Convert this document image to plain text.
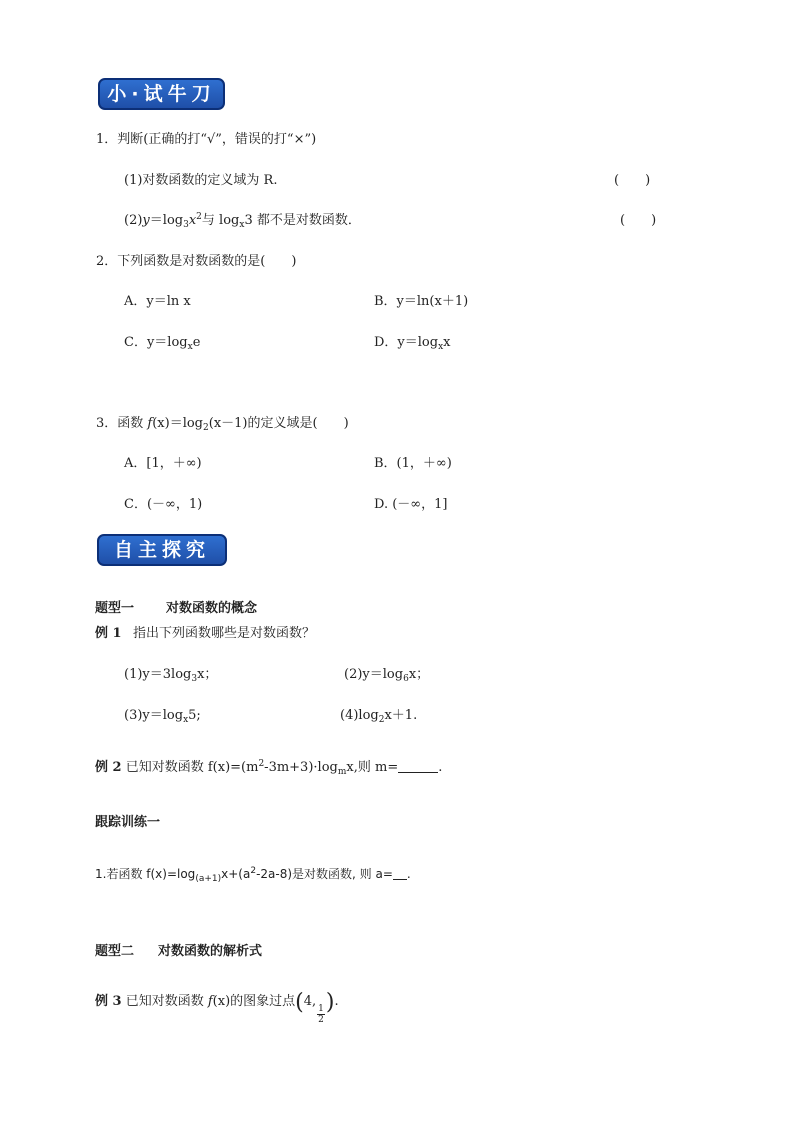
小·试牛刀
1．判断(正确的打“√”，错误的打“×”)
(1)对数函数的定义域为 R.	(　　)
$(2)y=\log_3x^2$与 $\log_x3$ 都不是对数函数．	(　　)
2．下列函数是对数函数的是(　　)
A．y＝ln x	B．y＝ln(x＋1)
C．$y=\log_xe$	D．$y=\log_xx$
3．函数 $f(x)=\log_2(x-1)$的定义域是(　　)
A．[1，＋∞)	B．(1，＋∞)
C．(－∞，1)	D. (－∞，1]
自主探究
题型一 对数函数的概念
例 1 指出下列函数哪些是对数函数？
$(1)y=3\log_3x$；	$(2)y=\log_6x$；
$(3)y=\log_x5$;	$(4)\log_2x+1$.
例 2 已知对数函数 $f(x)=(m^2-3m+3)\cdot\log_mx$,则 m=	.
跟踪训练一
1.若函数 $f(x)=\log_{(a+1)}x+(a^2-2a-8)$是对数函数, 则 a= .
题型二 对数函数的解析式
例 3 已知对数函数 f(x)的图象过点(4,
$\frac{1}{2}$ ).
